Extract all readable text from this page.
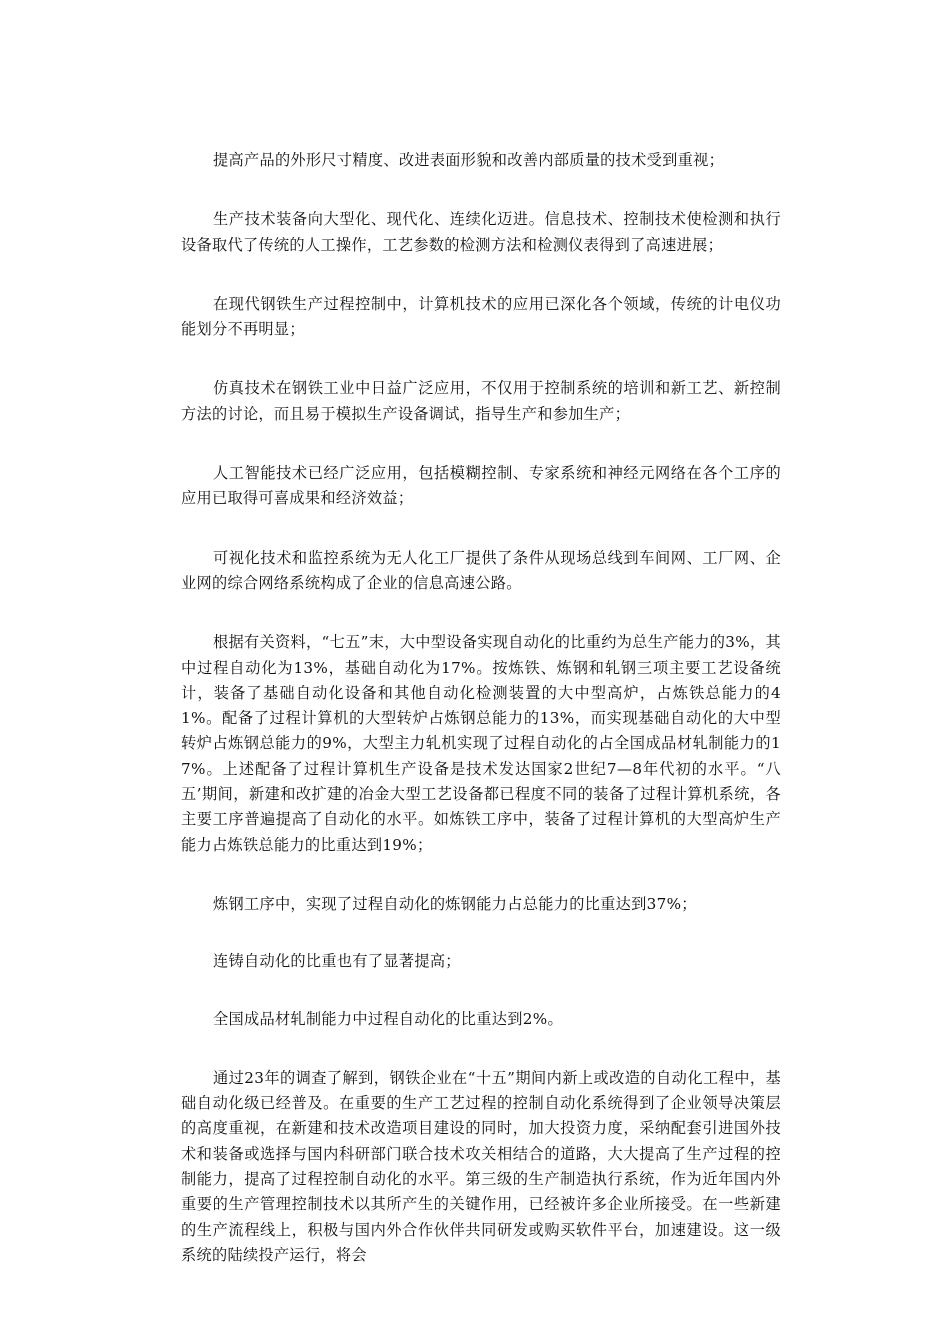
提高产品的外形尺寸精度、改进表面形貌和改善内部质量的技术受到重视；

生产技术装备向大型化、现代化、连续化迈进。信息技术、控制技术使检测和执行设备取代了传统的人工操作，工艺参数的检测方法和检测仪表得到了高速进展；

在现代钢铁生产过程控制中，计算机技术的应用已深化各个领域，传统的计电仪功能划分不再明显；

仿真技术在钢铁工业中日益广泛应用，不仅用于控制系统的培训和新工艺、新控制方法的讨论，而且易于模拟生产设备调试，指导生产和参加生产；

人工智能技术已经广泛应用，包括模糊控制、专家系统和神经元网络在各个工序的应用已取得可喜成果和经济效益；

可视化技术和监控系统为无人化工厂提供了条件从现场总线到车间网、工厂网、企业网的综合网络系统构成了企业的信息高速公路。

根据有关资料，“七五”末，大中型设备实现自动化的比重约为总生产能力的3%，其中过程自动化为13%，基础自动化为17%。按炼铁、炼钢和轧钢三项主要工艺设备统计，装备了基础自动化设备和其他自动化检测装置的大中型高炉，占炼铁总能力的41%。配备了过程计算机的大型转炉占炼钢总能力的13%，而实现基础自动化的大中型转炉占炼钢总能力的9%，大型主力轧机实现了过程自动化的占全国成品材轧制能力的17%。上述配备了过程计算机生产设备是技术发达国家2世纪7—8年代初的水平。“八五’期间，新建和改扩建的冶金大型工艺设备都已程度不同的装备了过程计算机系统，各主要工序普遍提高了自动化的水平。如炼铁工序中，装备了过程计算机的大型高炉生产能力占炼铁总能力的比重达到19%；

炼钢工序中，实现了过程自动化的炼钢能力占总能力的比重达到37%；

连铸自动化的比重也有了显著提高；

全国成品材轧制能力中过程自动化的比重达到2%。

通过23年的调查了解到，钢铁企业在“十五”期间内新上或改造的自动化工程中，基础自动化级已经普及。在重要的生产工艺过程的控制自动化系统得到了企业领导决策层的高度重视，在新建和技术改造项目建设的同时，加大投资力度，采纳配套引进国外技术和装备或选择与国内科研部门联合技术攻关相结合的道路，大大提高了生产过程的控制能力，提高了过程控制自动化的水平。第三级的生产制造执行系统，作为近年国内外重要的生产管理控制技术以其所产生的关键作用，已经被许多企业所接受。在一些新建的生产流程线上，积极与国内外合作伙伴共同研发或购买软件平台，加速建设。这一级系统的陆续投产运行，将会
